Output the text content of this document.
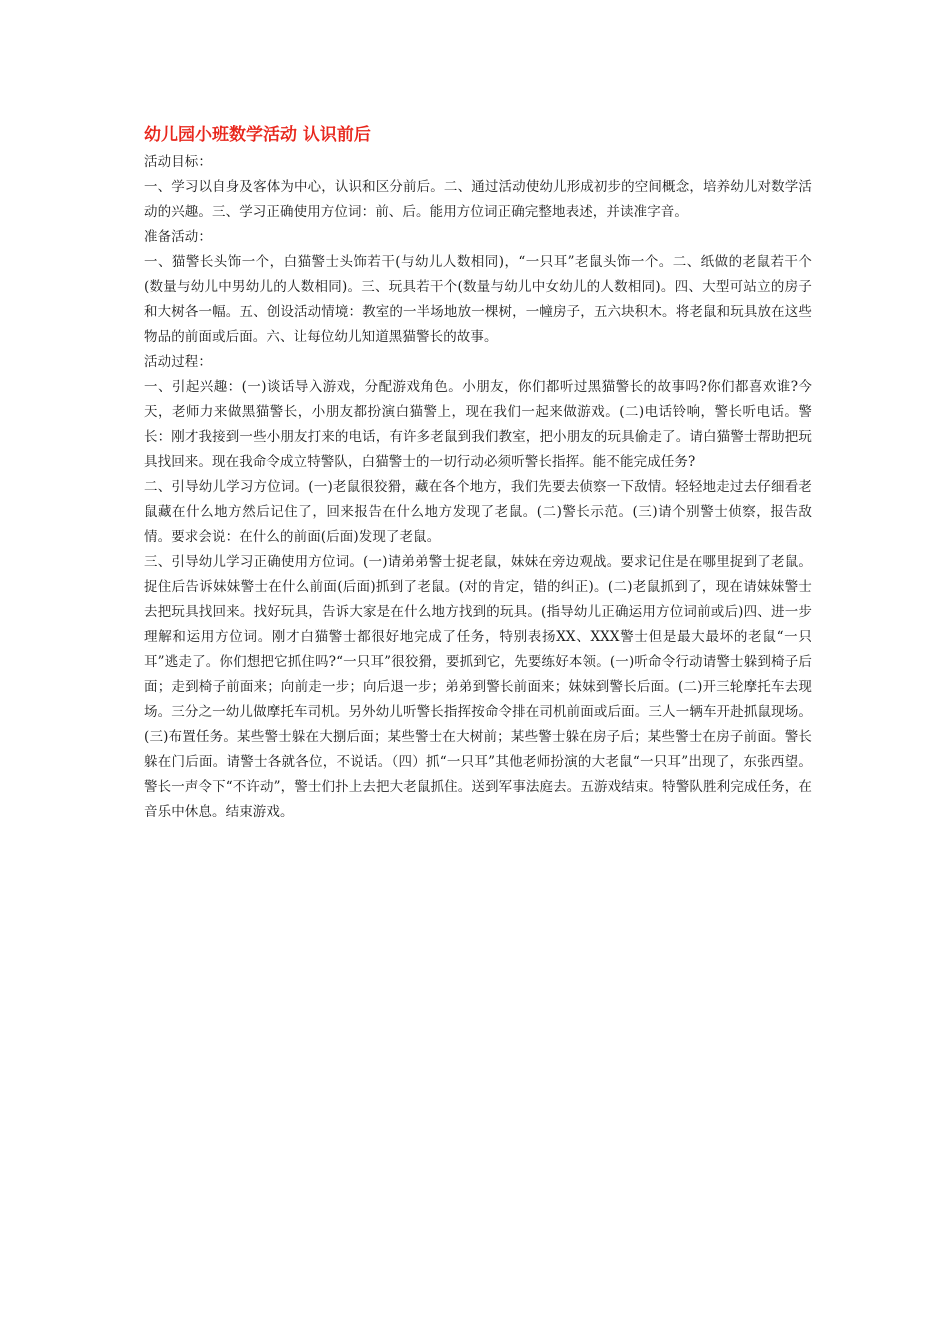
幼儿园小班数学活动 认识前后

活动目标：

一、学习以自身及客体为中心，认识和区分前后。二、通过活动使幼儿形成初步的空间概念，培养幼儿对数学活动的兴趣。三、学习正确使用方位词：前、后。能用方位词正确完整地表述，并读准字音。

准备活动：

一、猫警长头饰一个，白猫警士头饰若干(与幼儿人数相同)，“一只耳”老鼠头饰一个。二、纸做的老鼠若干个(数量与幼儿中男幼儿的人数相同)。三、玩具若干个(数量与幼儿中女幼儿的人数相同)。四、大型可站立的房子和大树各一幅。五、创设活动情境：教室的一半场地放一棵树，一幢房子，五六块积木。将老鼠和玩具放在这些物品的前面或后面。六、让每位幼儿知道黑猫警长的故事。

活动过程：

一、引起兴趣：(一)谈话导入游戏，分配游戏角色。小朋友，你们都听过黑猫警长的故事吗?你们都喜欢谁?今天，老师力来做黑猫警长，小朋友都扮演白猫警上，现在我们一起来做游戏。(二)电话铃响，警长听电话。警长：刚才我接到一些小朋友打来的电话，有许多老鼠到我们教室，把小朋友的玩具偷走了。请白猫警士帮助把玩具找回来。现在我命令成立特警队，白猫警士的一切行动必须听警长指挥。能不能完成任务?

二、引导幼儿学习方位词。(一)老鼠很狡猾，藏在各个地方，我们先要去侦察一下敌情。轻轻地走过去仔细看老鼠藏在什么地方然后记住了，回来报告在什么地方发现了老鼠。(二)警长示范。(三)请个别警士侦察，报告敌情。要求会说：在什么的前面(后面)发现了老鼠。

三、引导幼儿学习正确使用方位词。(一)请弟弟警士捉老鼠，妹妹在旁边观战。要求记住是在哪里捉到了老鼠。捉住后告诉妹妹警士在什么前面(后面)抓到了老鼠。(对的肯定，错的纠正)。(二)老鼠抓到了，现在请妹妹警士去把玩具找回来。找好玩具，告诉大家是在什么地方找到的玩具。(指导幼儿正确运用方位词前或后)四、进一步理解和运用方位词。刚才白猫警士都很好地完成了任务，特别表扬XX、XXX警士但是最大最坏的老鼠“一只耳”逃走了。你们想把它抓住吗?“一只耳”很狡猾，要抓到它，先要练好本领。(一)听命令行动请警士躲到椅子后面；走到椅子前面来；向前走一步；向后退一步；弟弟到警长前面来；妹妹到警长后面。(二)开三轮摩托车去现场。三分之一幼儿做摩托车司机。另外幼儿听警长指挥按命令排在司机前面或后面。三人一辆车开赴抓鼠现场。(三)布置任务。某些警士躲在大捌后面；某些警士在大树前；某些警士躲在房子后；某些警士在房子前面。警长躲在门后面。请警士各就各位，不说话。（四）抓“一只耳”其他老师扮演的大老鼠“一只耳”出现了，东张西望。警长一声令下“不许动”，警士们扑上去把大老鼠抓住。送到军事法庭去。五游戏结束。特警队胜利完成任务，在音乐中休息。结束游戏。
